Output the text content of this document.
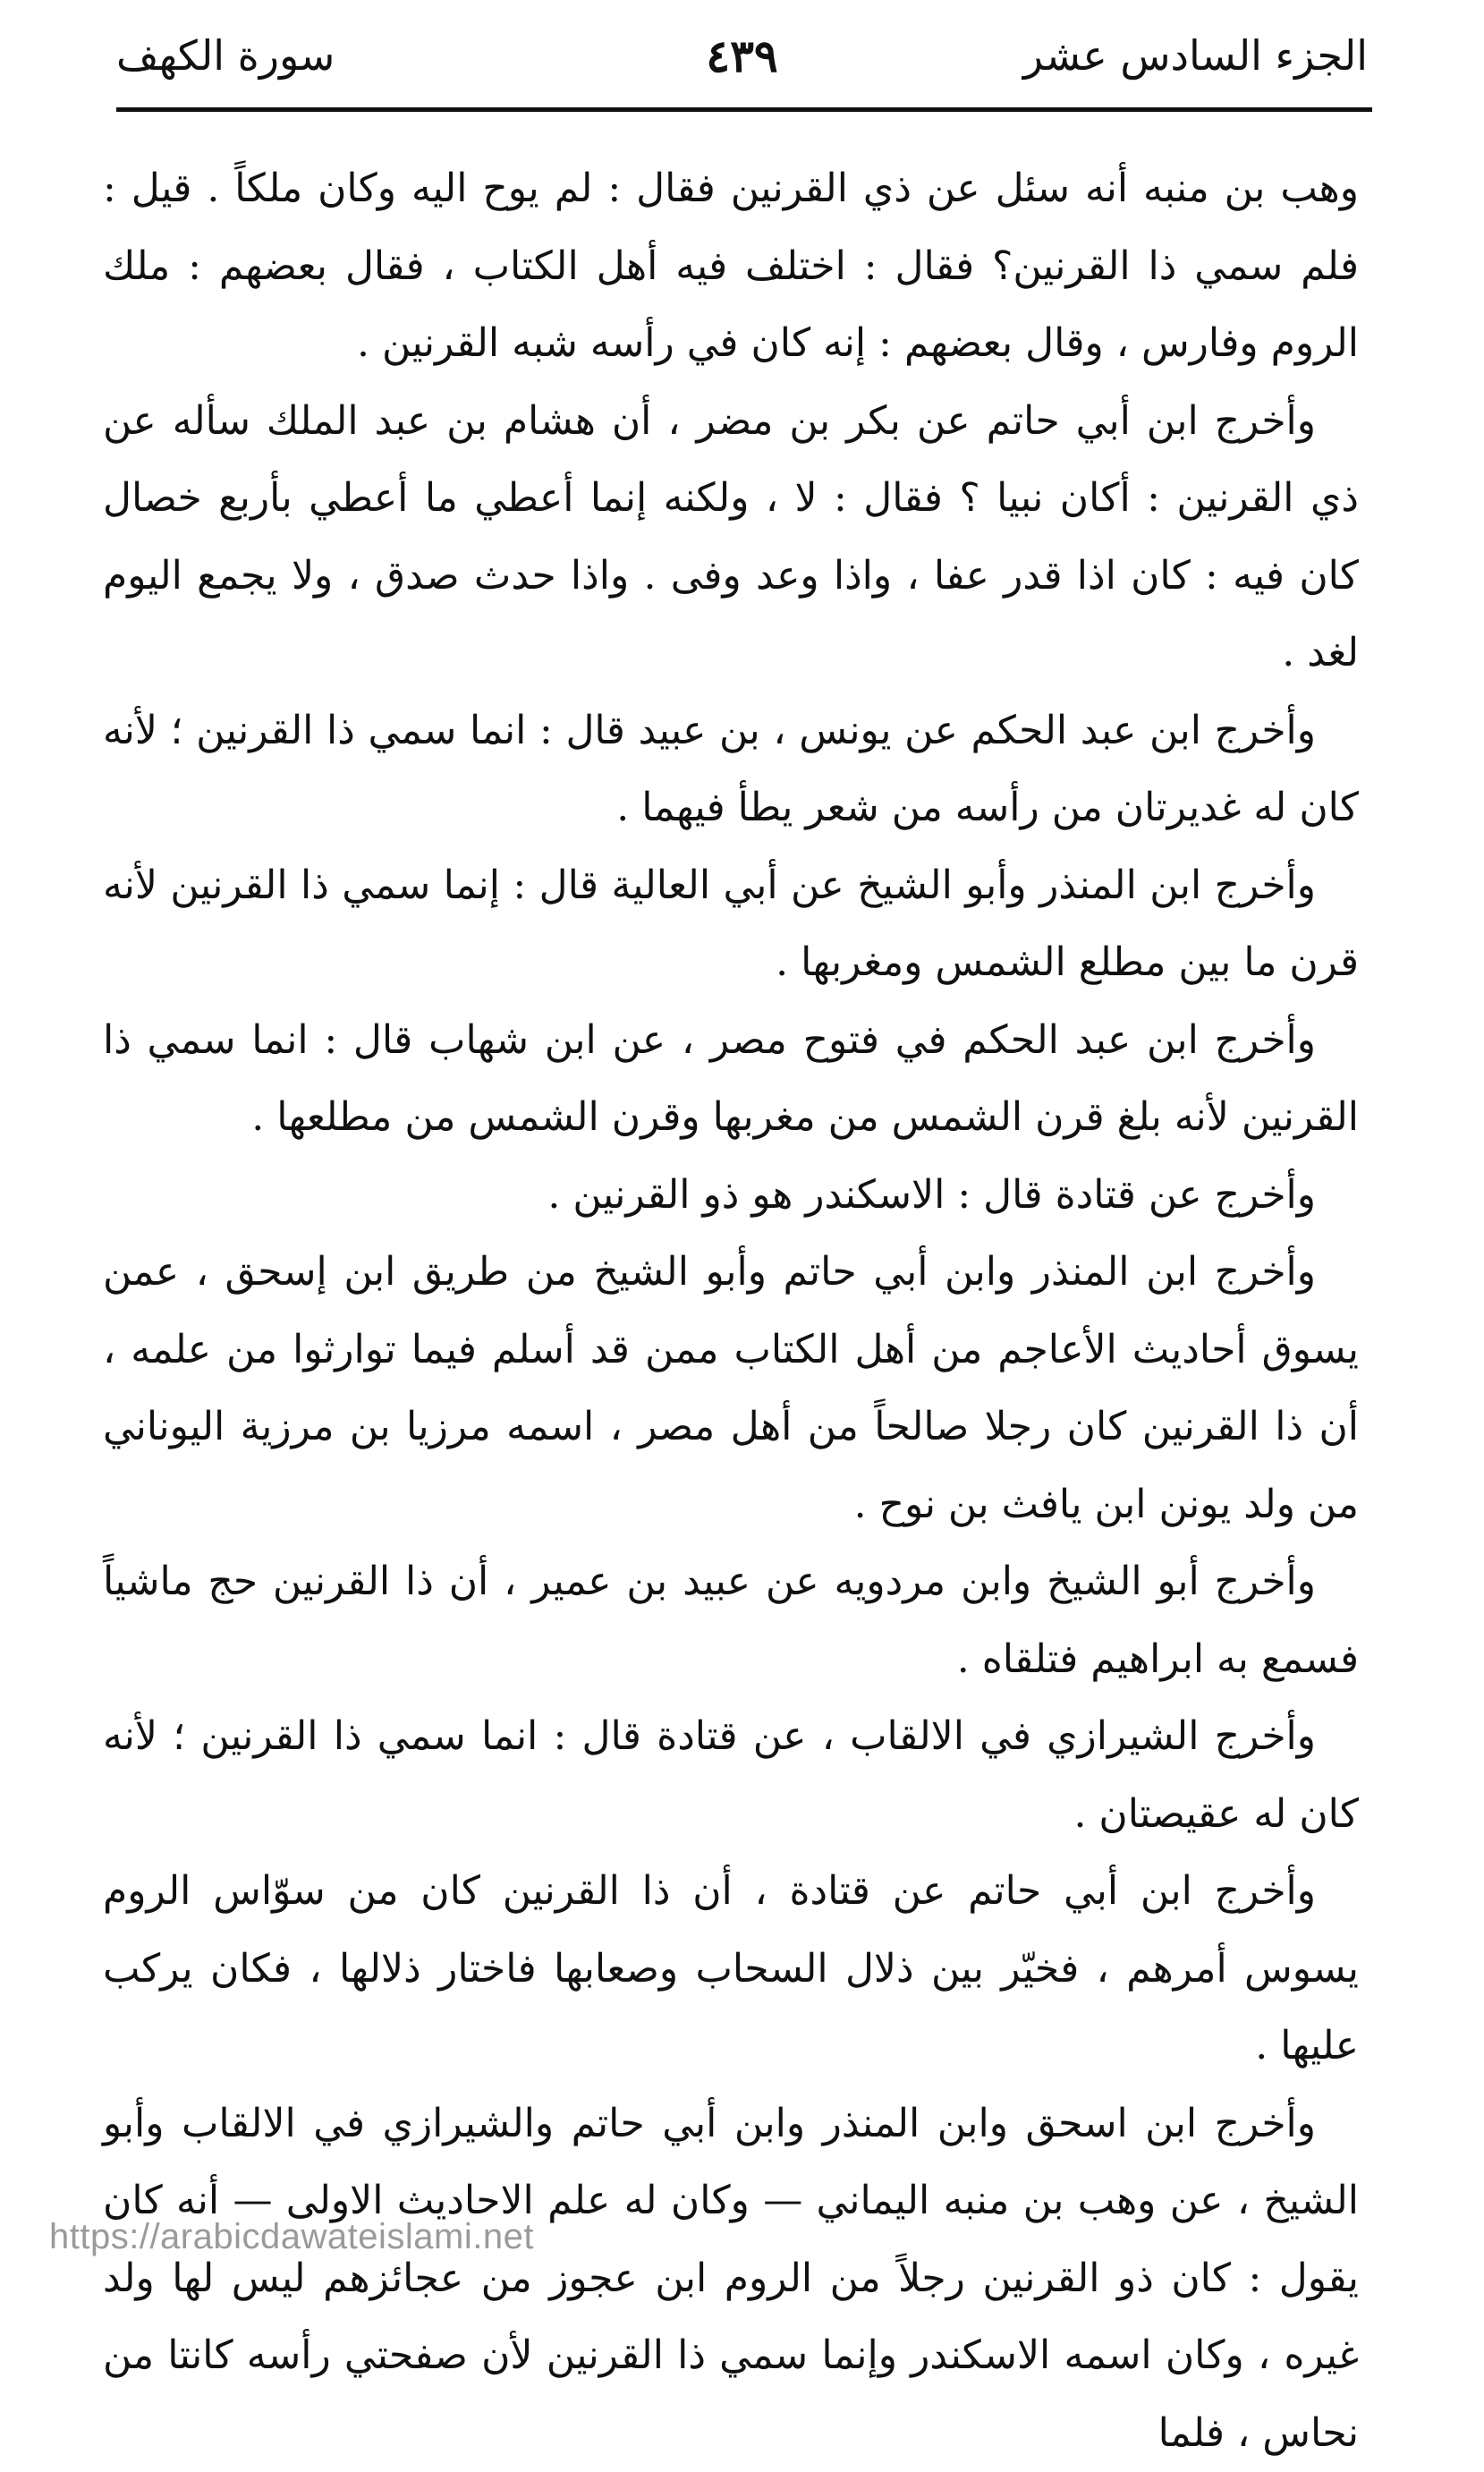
الجزء السادس عشر
٤٣٩
سورة الكهف

وهب بن منبه أنه سئل عن ذي القرنين فقال : لم يوح اليه وكان ملكاً . قيل : فلم سمي ذا القرنين؟ فقال : اختلف فيه أهل الكتاب ، فقال بعضهم : ملك الروم وفارس ، وقال بعضهم : إنه كان في رأسه شبه القرنين .

وأخرج ابن أبي حاتم عن بكر بن مضر ، أن هشام بن عبد الملك سأله عن ذي القرنين : أكان نبيا ؟ فقال : لا ، ولكنه إنما أعطي ما أعطي بأربع خصال كان فيه : كان اذا قدر عفا ، واذا وعد وفى . واذا حدث صدق ، ولا يجمع اليوم لغد .

وأخرج ابن عبد الحكم عن يونس ، بن عبيد قال : انما سمي ذا القرنين ؛ لأنه كان له غديرتان من رأسه من شعر يطأ فيهما .

وأخرج ابن المنذر وأبو الشيخ عن أبي العالية قال : إنما سمي ذا القرنين لأنه قرن ما بين مطلع الشمس ومغربها .

وأخرج ابن عبد الحكم في فتوح مصر ، عن ابن شهاب قال : انما سمي ذا القرنين لأنه بلغ قرن الشمس من مغربها وقرن الشمس من مطلعها .

وأخرج عن قتادة قال : الاسكندر هو ذو القرنين .

وأخرج ابن المنذر وابن أبي حاتم وأبو الشيخ من طريق ابن إسحق ، عمن يسوق أحاديث الأعاجم من أهل الكتاب ممن قد أسلم فيما توارثوا من علمه ، أن ذا القرنين كان رجلا صالحاً من أهل مصر ، اسمه مرزيا بن مرزية اليوناني من ولد يونن ابن يافث بن نوح .

وأخرج أبو الشيخ وابن مردويه عن عبيد بن عمير ، أن ذا القرنين حج ماشياً فسمع به ابراهيم فتلقاه .

وأخرج الشيرازي في الالقاب ، عن قتادة قال : انما سمي ذا القرنين ؛ لأنه كان له عقيصتان .

وأخرج ابن أبي حاتم عن قتادة ، أن ذا القرنين كان من سوّاس الروم يسوس أمرهم ، فخيّر بين ذلال السحاب وصعابها فاختار ذلالها ، فكان يركب عليها .

وأخرج ابن اسحق وابن المنذر وابن أبي حاتم والشيرازي في الالقاب وأبو الشيخ ، عن وهب بن منبه اليماني — وكان له علم الاحاديث الاولى — أنه كان يقول : كان ذو القرنين رجلاً من الروم ابن عجوز من عجائزهم ليس لها ولد غيره ، وكان اسمه الاسكندر وإنما سمي ذا القرنين لأن صفحتي رأسه كانتا من نحاس ، فلما

https://arabicdawateislami.net
